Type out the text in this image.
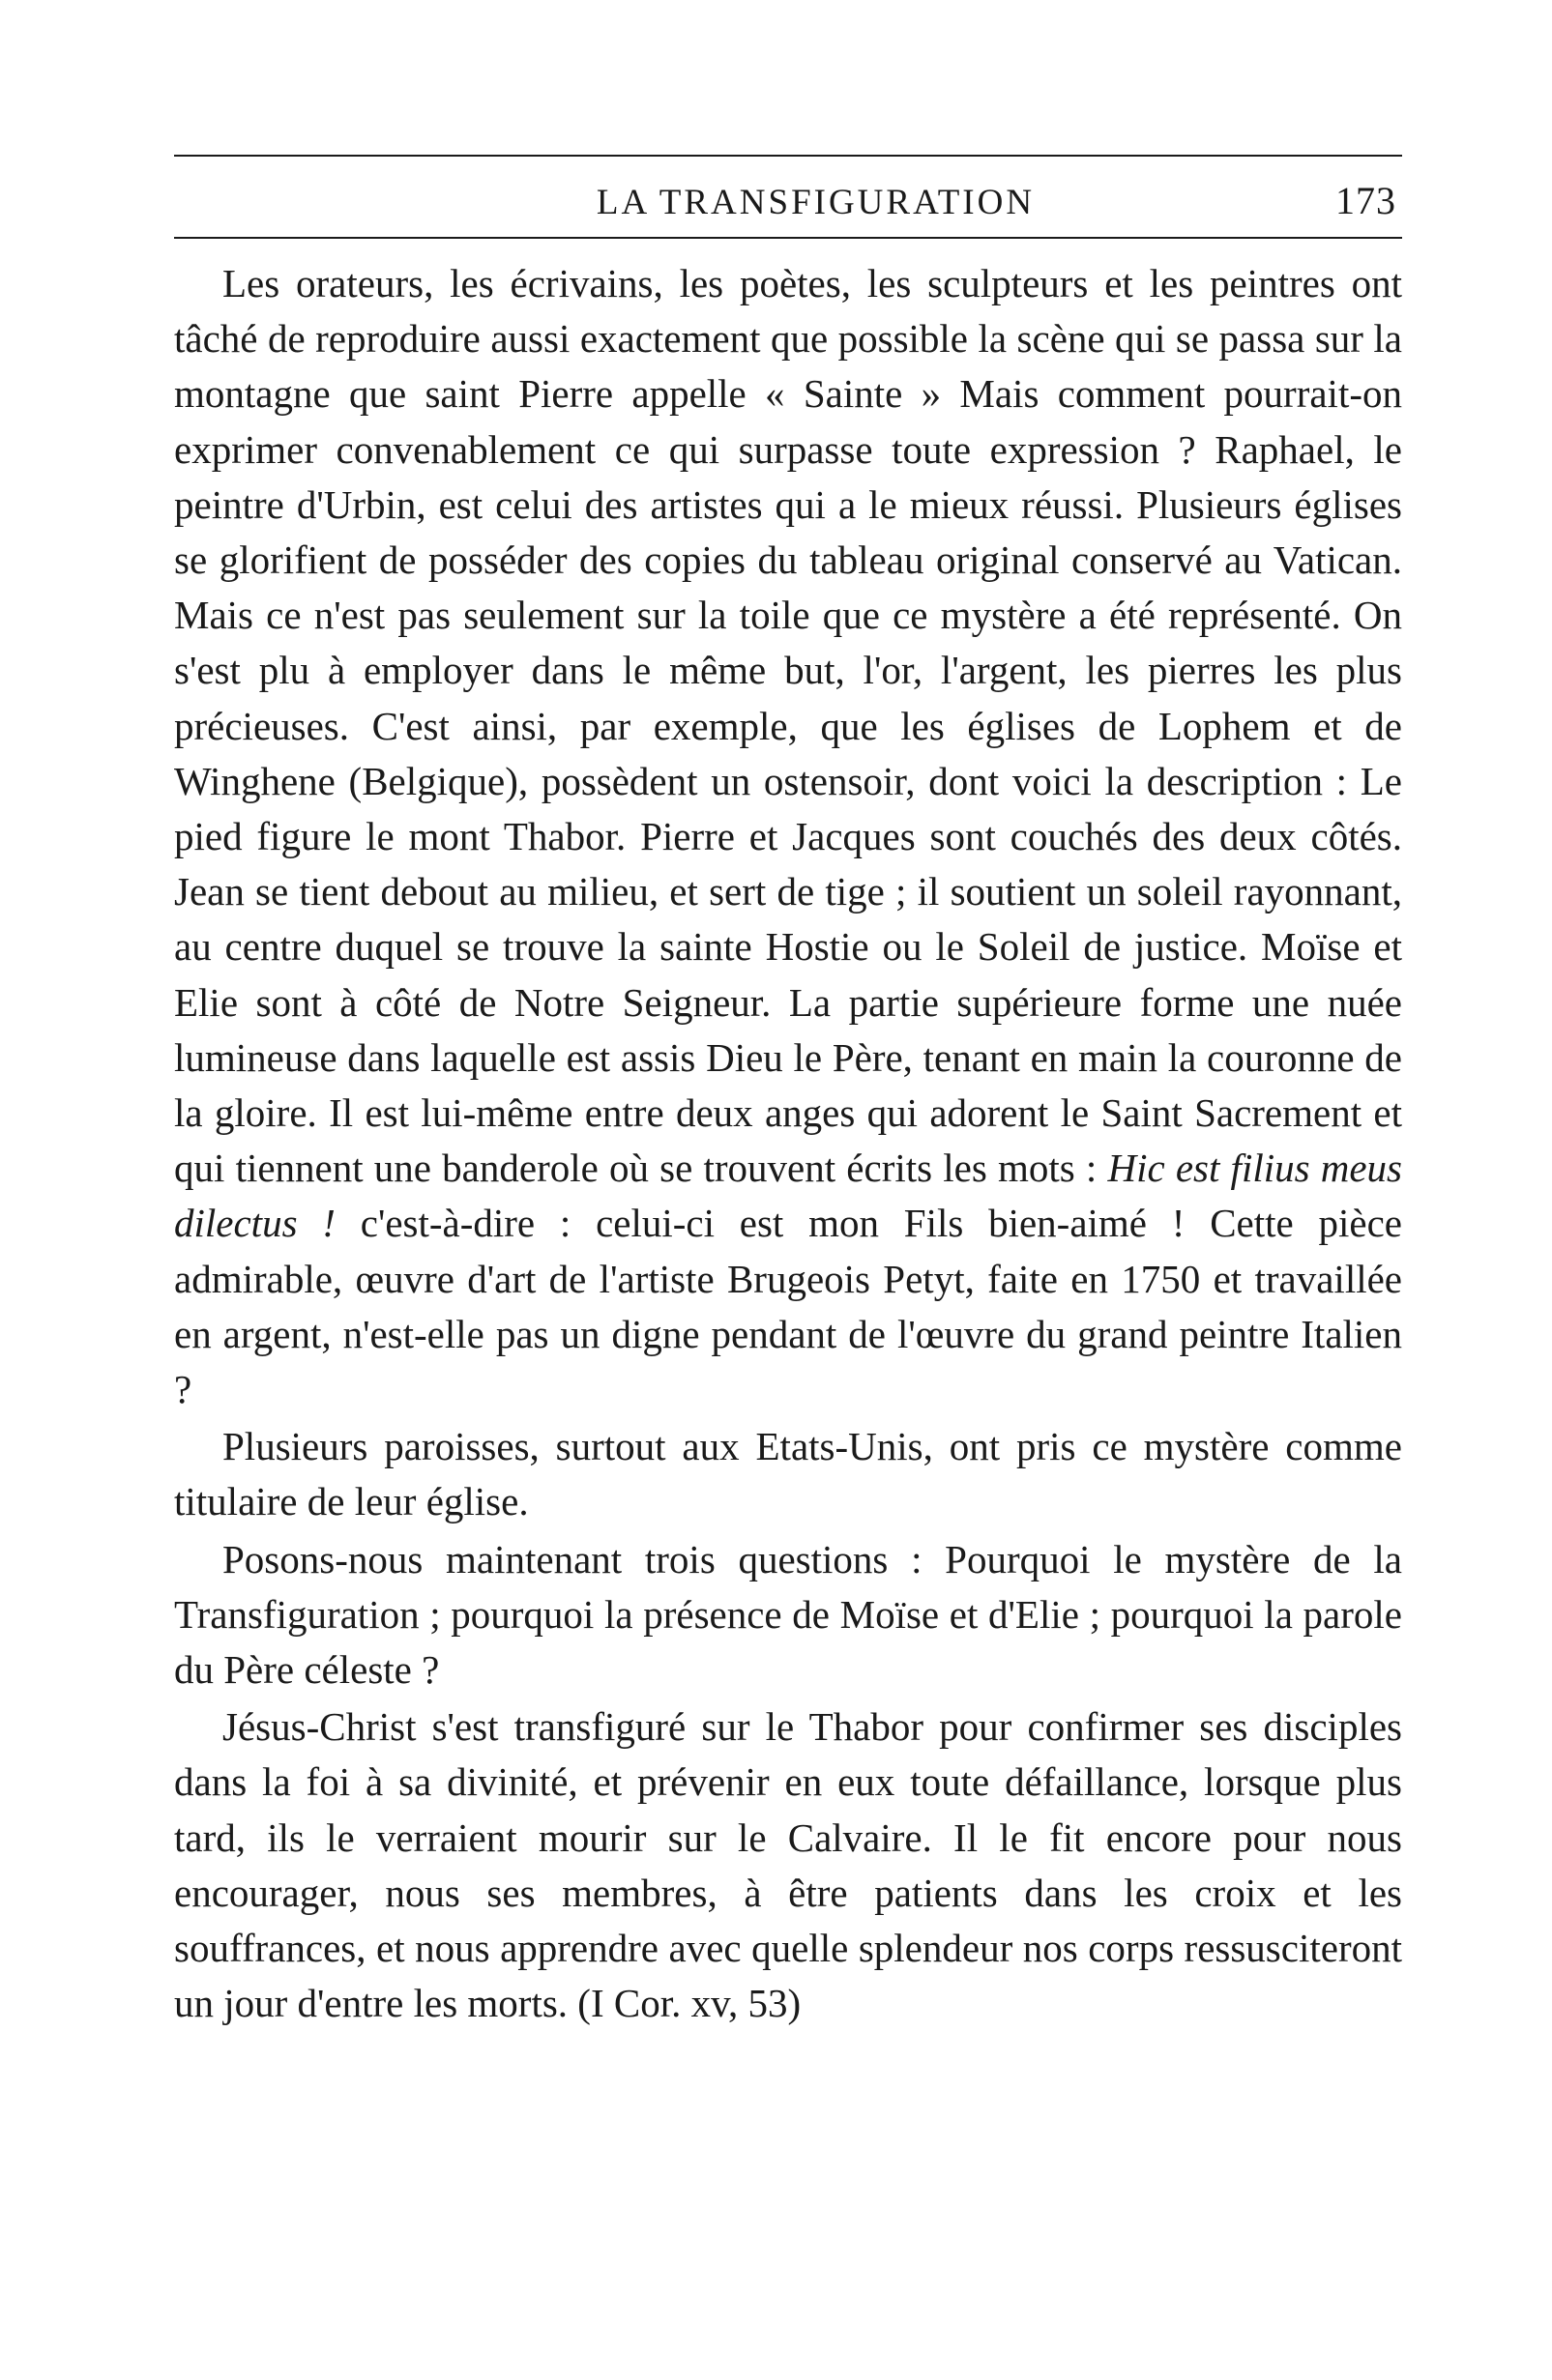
LA TRANSFIGURATION	173

Les orateurs, les écrivains, les poètes, les sculpteurs et les peintres ont tâché de reproduire aussi exactement que possible la scène qui se passa sur la montagne que saint Pierre appelle « Sainte » Mais comment pourrait-on exprimer convenablement ce qui surpasse toute expression ? Raphael, le peintre d'Urbin, est celui des artistes qui a le mieux réussi. Plusieurs églises se glorifient de posséder des copies du tableau original conservé au Vatican. Mais ce n'est pas seulement sur la toile que ce mystère a été représenté. On s'est plu à employer dans le même but, l'or, l'argent, les pierres les plus précieuses. C'est ainsi, par exemple, que les églises de Lophem et de Winghene (Belgique), possèdent un ostensoir, dont voici la description : Le pied figure le mont Thabor. Pierre et Jacques sont couchés des deux côtés. Jean se tient debout au milieu, et sert de tige ; il soutient un soleil rayonnant, au centre duquel se trouve la sainte Hostie ou le Soleil de justice. Moïse et Elie sont à côté de Notre Seigneur. La partie supérieure forme une nuée lumineuse dans laquelle est assis Dieu le Père, tenant en main la couronne de la gloire. Il est lui-même entre deux anges qui adorent le Saint Sacrement et qui tiennent une banderole où se trouvent écrits les mots : Hic est filius meus dilectus ! c'est-à-dire : celui-ci est mon Fils bien-aimé ! Cette pièce admirable, œuvre d'art de l'artiste Brugeois Petyt, faite en 1750 et travaillée en argent, n'est-elle pas un digne pendant de l'œuvre du grand peintre Italien ?

Plusieurs paroisses, surtout aux Etats-Unis, ont pris ce mystère comme titulaire de leur église.

Posons-nous maintenant trois questions : Pourquoi le mystère de la Transfiguration ; pourquoi la présence de Moïse et d'Elie ; pourquoi la parole du Père céleste ?

Jésus-Christ s'est transfiguré sur le Thabor pour confirmer ses disciples dans la foi à sa divinité, et prévenir en eux toute défaillance, lorsque plus tard, ils le verraient mourir sur le Calvaire. Il le fit encore pour nous encourager, nous ses membres, à être patients dans les croix et les souffrances, et nous apprendre avec quelle splendeur nos corps ressusciteront un jour d'entre les morts. (I Cor. xv, 53)
